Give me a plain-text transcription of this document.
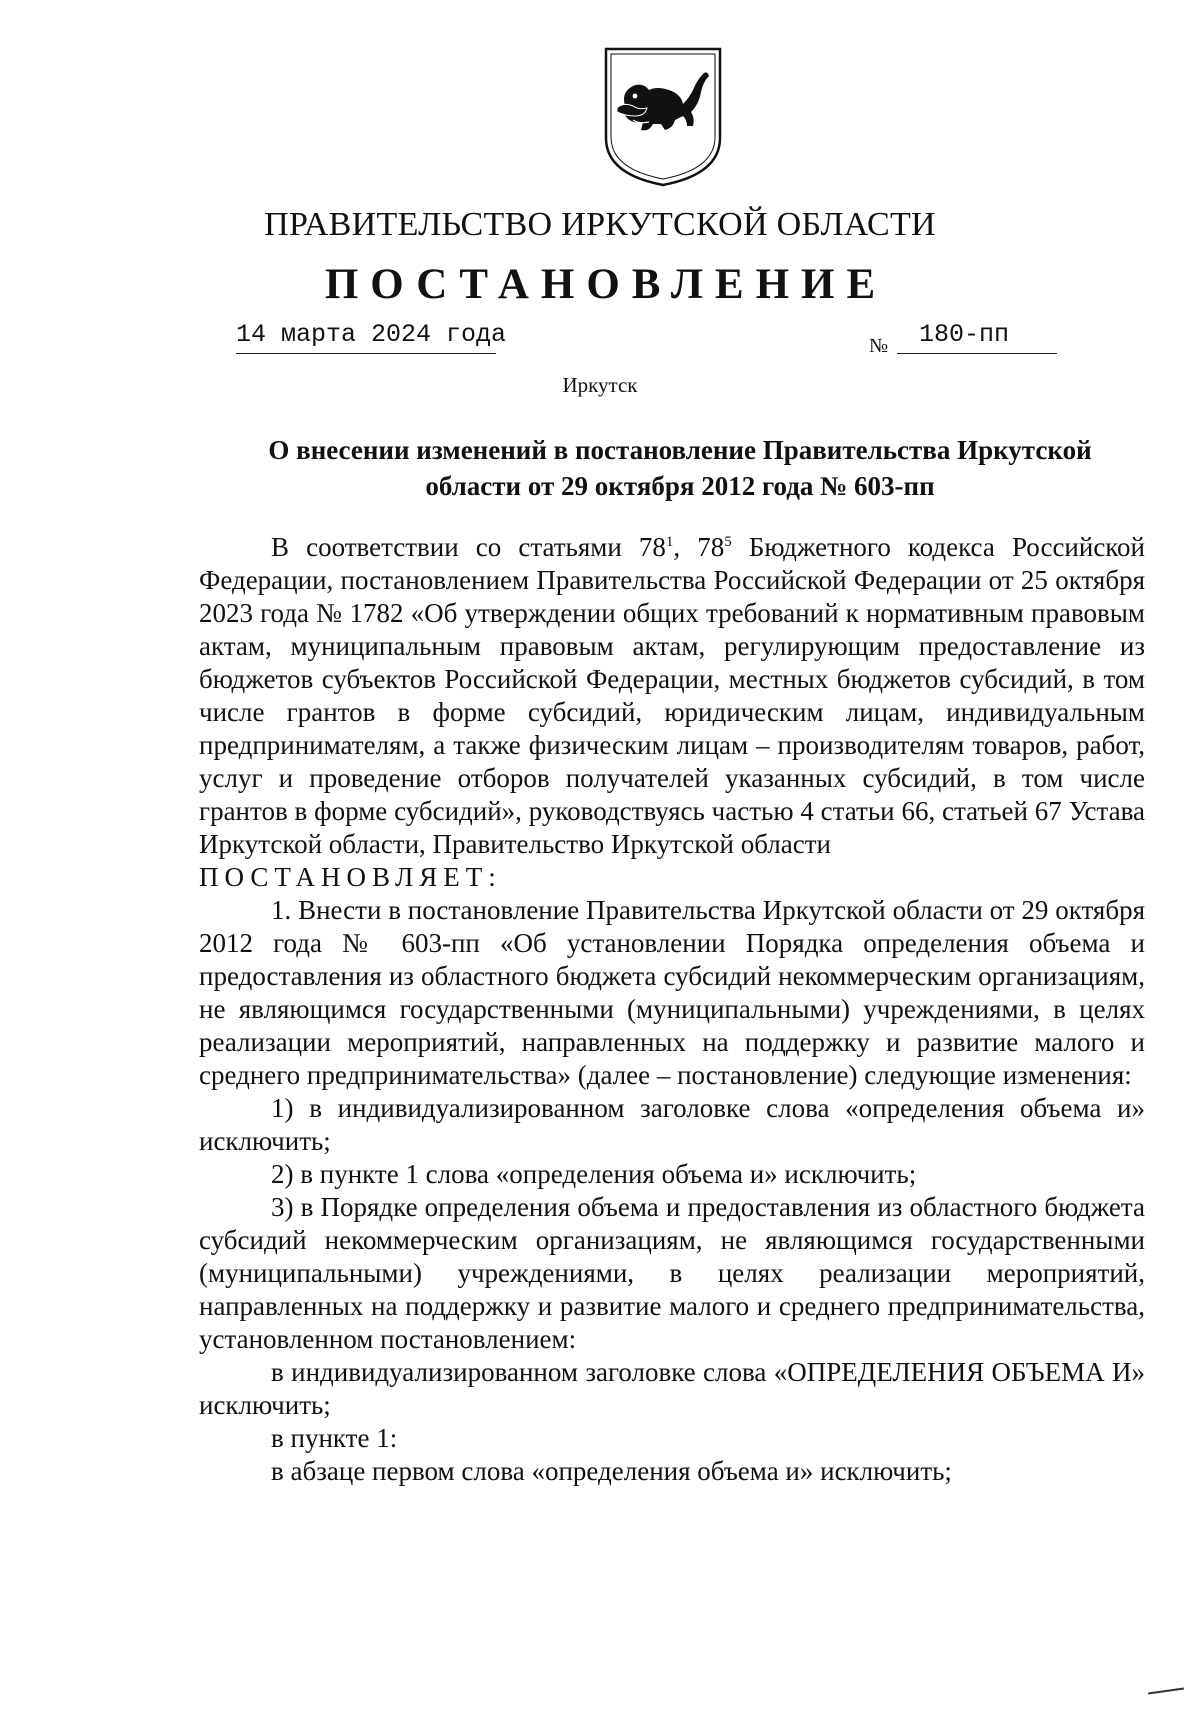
ПРАВИТЕЛЬСТВО ИРКУТСКОЙ ОБЛАСТИ
ПОСТАНОВЛЕНИЕ
14 марта 2024 года	№	180-пп
Иркутск
О внесении изменений в постановление Правительства Иркутской
области от 29 октября 2012 года № 603-пп

В соответствии со статьями $78^1$, $78^5$ Бюджетного кодекса Российской Федерации, постановлением Правительства Российской Федерации от 25 октября 2023 года № 1782 «Об утверждении общих требований к нормативным правовым актам, муниципальным правовым актам, регулирующим предоставление из бюджетов субъектов Российской Федерации, местных бюджетов субсидий, в том числе грантов в форме субсидий, юридическим лицам, индивидуальным предпринимателям, а также физическим лицам – производителям товаров, работ, услуг и проведение отборов получателей указанных субсидий, в том числе грантов в форме субсидий», руководствуясь частью 4 статьи 66, статьей 67 Устава Иркутской области, Правительство Иркутской области

ПОСТАНОВЛЯЕТ:

1. Внести в постановление Правительства Иркутской области от 29 октября 2012 года № 603-пп «Об установлении Порядка определения объема и предоставления из областного бюджета субсидий некоммерческим организациям, не являющимся государственными (муниципальными) учреждениями, в целях реализации мероприятий, направленных на поддержку и развитие малого и среднего предпринимательства» (далее – постановление) следующие изменения:

1) в индивидуализированном заголовке слова «определения объема и» исключить;

2) в пункте 1 слова «определения объема и» исключить;

3) в Порядке определения объема и предоставления из областного бюджета субсидий некоммерческим организациям, не являющимся государственными (муниципальными) учреждениями, в целях реализации мероприятий, направленных на поддержку и развитие малого и среднего предпринимательства, установленном постановлением:

в индивидуализированном заголовке слова «ОПРЕДЕЛЕНИЯ ОБЪЕМА И» исключить;

в пункте 1:

в абзаце первом слова «определения объема и» исключить;
